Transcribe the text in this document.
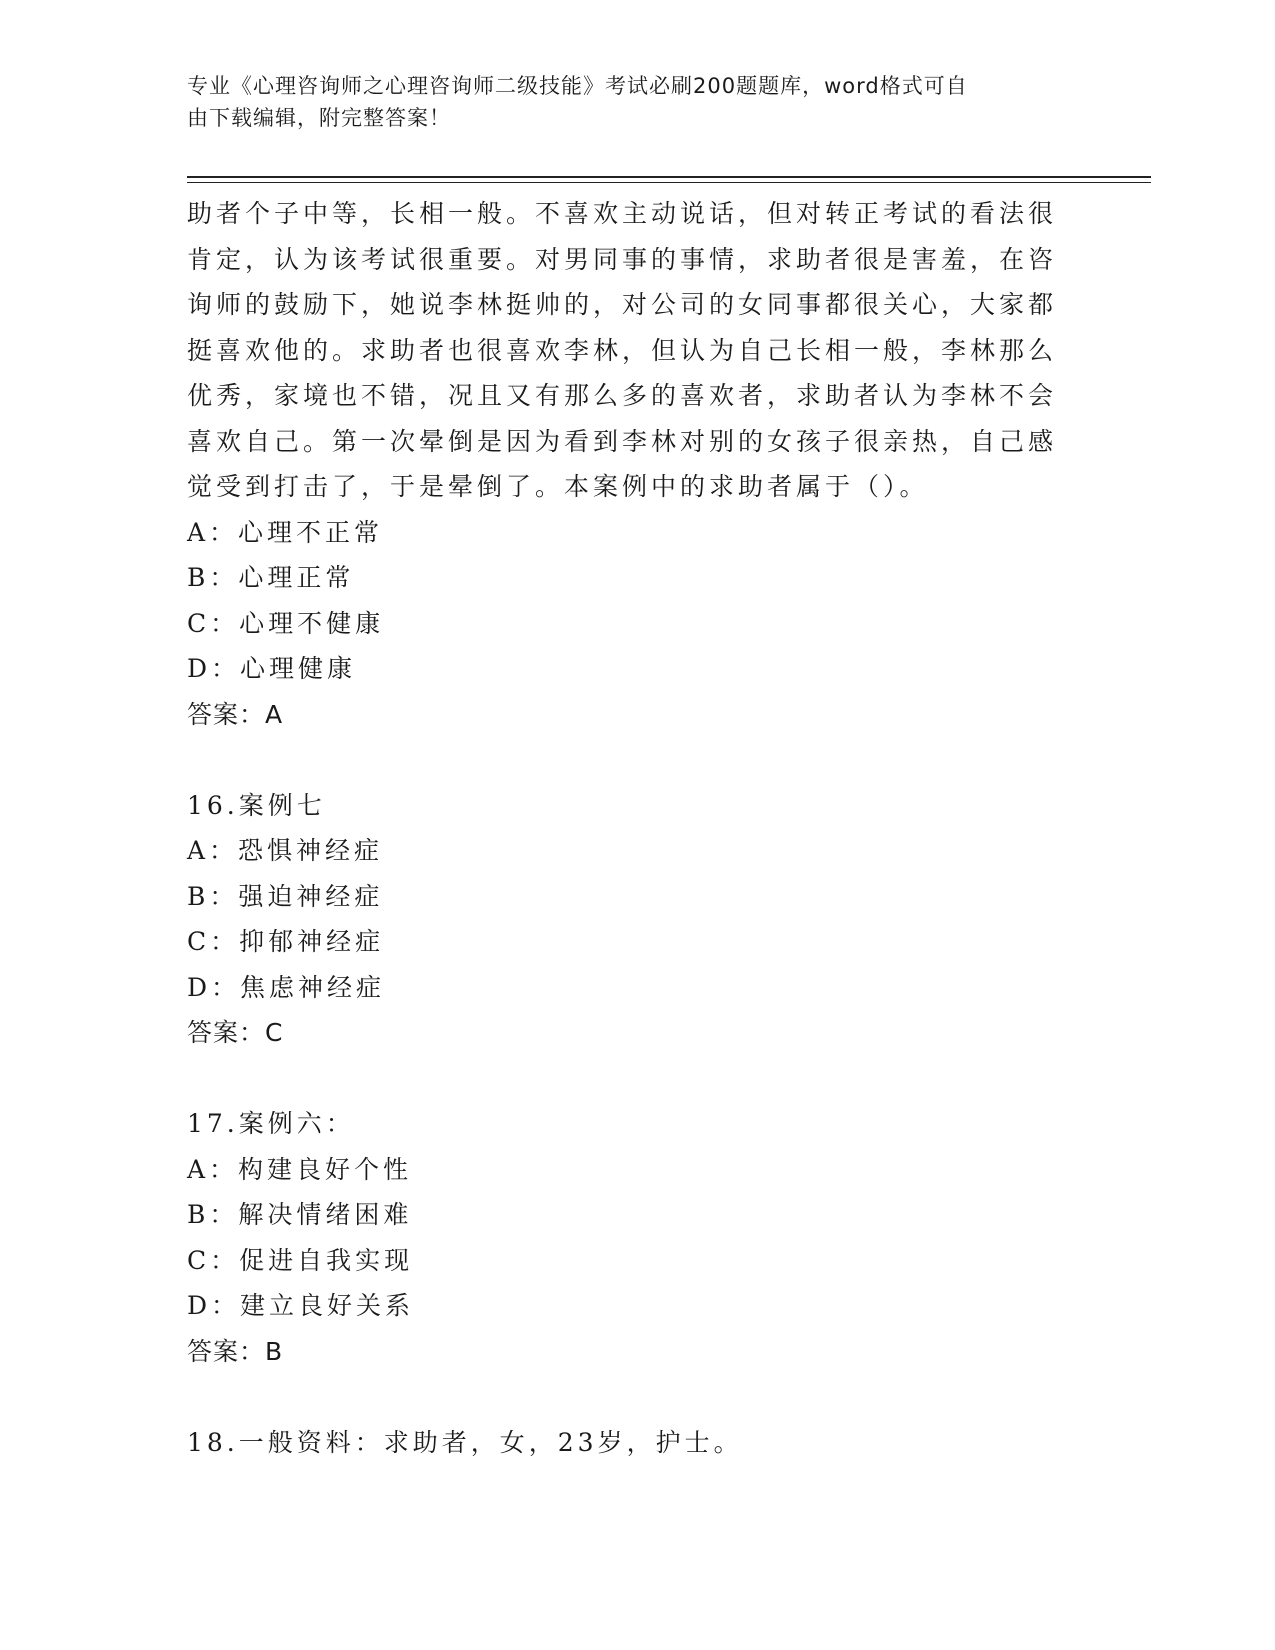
专业《心理咨询师之心理咨询师二级技能》考试必刷200题题库，word格式可自
由下载编辑，附完整答案！
助者个子中等，长相一般。不喜欢主动说话，但对转正考试的看法很
肯定，认为该考试很重要。对男同事的事情，求助者很是害羞，在咨
询师的鼓励下，她说李林挺帅的，对公司的女同事都很关心，大家都
挺喜欢他的。求助者也很喜欢李林，但认为自己长相一般，李林那么
优秀，家境也不错，况且又有那么多的喜欢者，求助者认为李林不会
喜欢自己。第一次晕倒是因为看到李林对别的女孩子很亲热，自己感
觉受到打击了，于是晕倒了。本案例中的求助者属于（）。
A：心理不正常
B：心理正常
C：心理不健康
D：心理健康
答案：A
16.案例七
A：恐惧神经症
B：强迫神经症
C：抑郁神经症
D：焦虑神经症
答案：C
17.案例六：
A：构建良好个性
B：解决情绪困难
C：促进自我实现
D：建立良好关系
答案：B
18.一般资料：求助者，女，23岁，护士。
